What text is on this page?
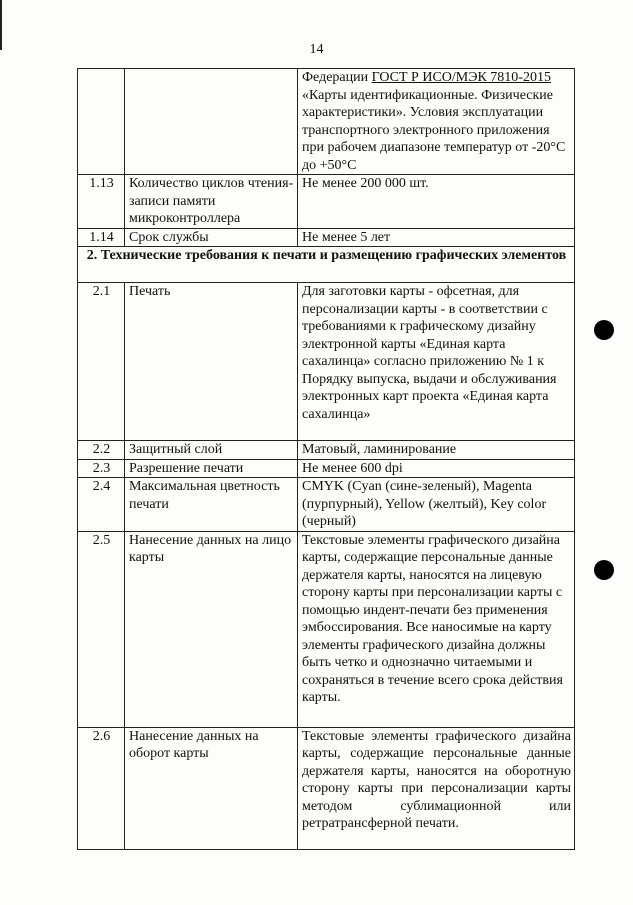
14
		Федерации ГОСТ Р ИСО/МЭК 7810-2015 «Карты идентификационные. Физические характеристики». Условия эксплуатации транспортного электронного приложения при рабочем диапазоне температур от -20°C до +50°C
1.13	Количество циклов чтения-записи памяти микроконтроллера	Не менее 200 000 шт.
1.14	Срок службы	Не менее 5 лет
2. Технические требования к печати и размещению графических элементов		
2.1	Печать	Для заготовки карты - офсетная, для персонализации карты - в соответствии с требованиями к графическому дизайну электронной карты «Единая карта сахалинца» согласно приложению № 1 к Порядку выпуска, выдачи и обслуживания электронных карт проекта «Единая карта сахалинца»
2.2	Защитный слой	Матовый, ламинирование
2.3	Разрешение печати	Не менее 600 dpi
2.4	Максимальная цветность печати	CMYK (Cyan (сине-зеленый), Magenta (пурпурный), Yellow (желтый), Key color (черный)
2.5	Нанесение данных на лицо карты	Текстовые элементы графического дизайна карты, содержащие персональные данные держателя карты, наносятся на лицевую сторону карты при персонализации карты с помощью индент-печати без применения эмбоссирования. Все наносимые на карту элементы графического дизайна должны быть четко и однозначно читаемыми и сохраняться в течение всего срока действия карты.
2.6	Нанесение данных на оборот карты	Текстовые элементы графического дизайна карты, содержащие персональные данные держателя карты, наносятся на оборотную сторону карты при персонализации карты методом сублимационной или ретратрансферной печати.
